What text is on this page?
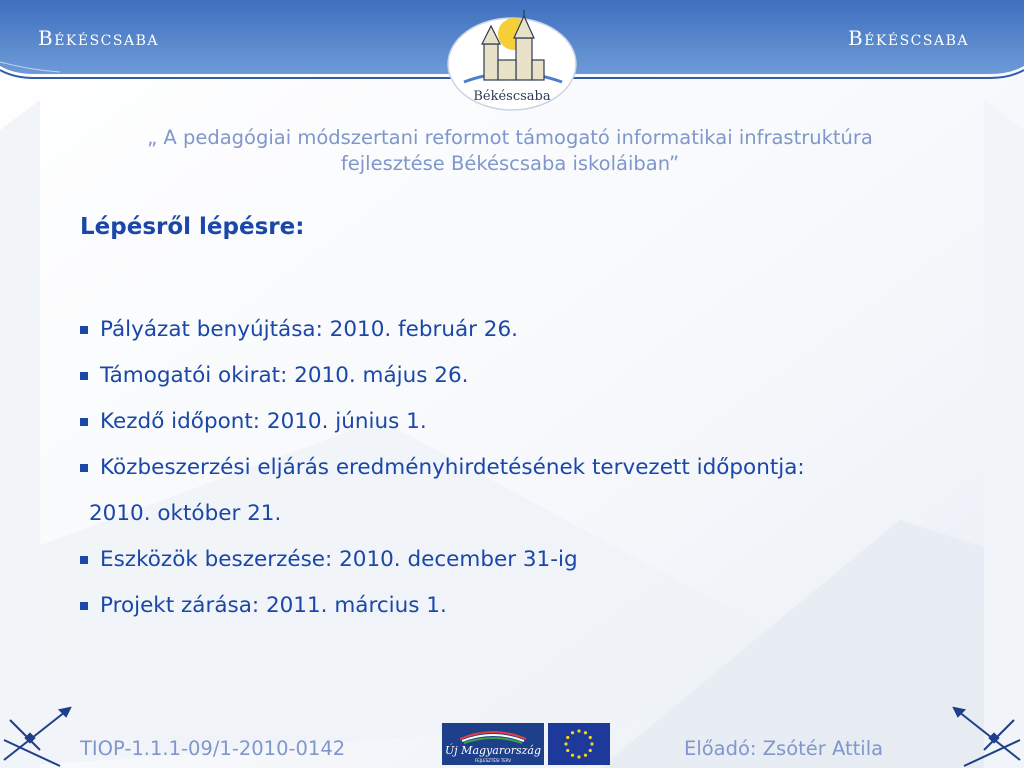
Békéscsaba	Békéscsaba
Békéscsaba
„ A pedagógiai módszertani reformot támogató informatikai infrastruktúra
fejlesztése Békéscsaba iskoláiban”
Lépésről lépésre:
Pályázat benyújtása: 2010. február 26.
Támogatói okirat: 2010. május 26.
Kezdő időpont: 2010. június 1.
Közbeszerzési eljárás eredményhirdetésének tervezett időpontja:
2010. október 21.
Eszközök beszerzése: 2010. december 31-ig
Projekt zárása: 2011. március 1.
TIOP-1.1.1-09/1-2010-0142	Új Magyarország
FEJLESZTÉSI TERV
Előadó: Zsótér Attila
